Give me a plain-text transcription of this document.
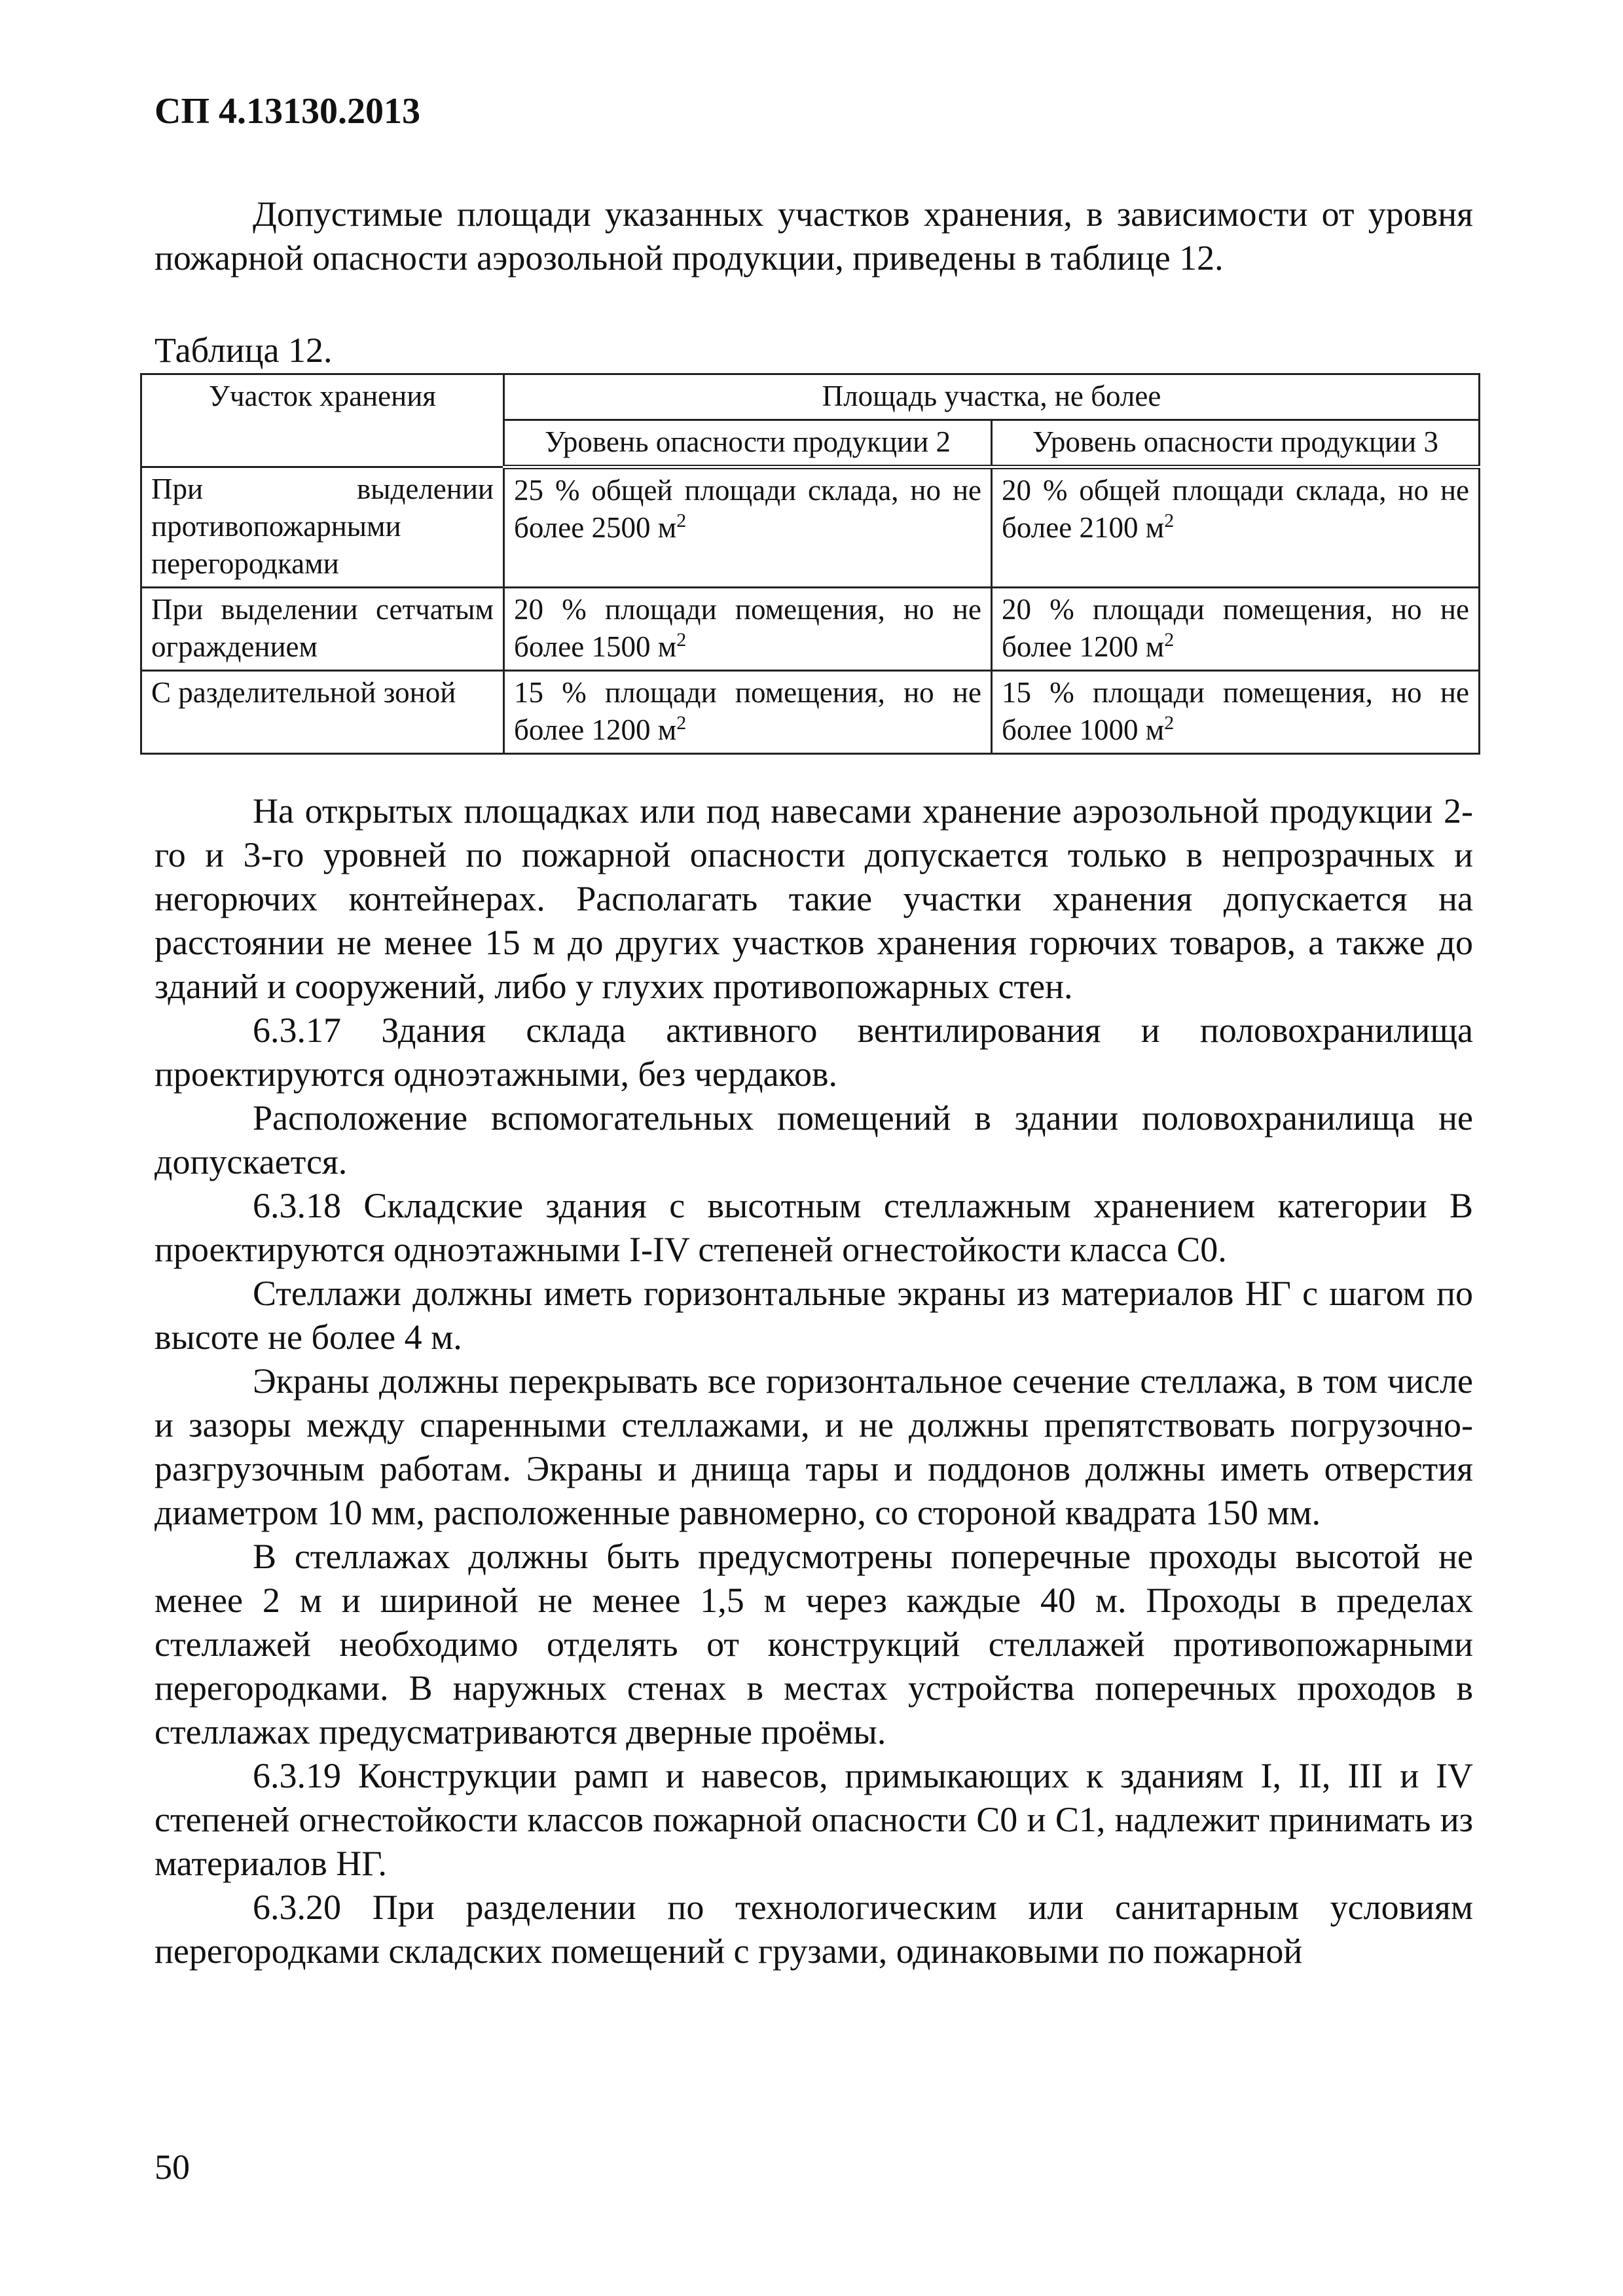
СП 4.13130.2013

Допустимые площади указанных участков хранения, в зависимости от уровня пожарной опасности аэрозольной продукции, приведены в таблице 12.

Таблица 12.
Участок хранения	Площадь участка, не более	
	Уровень опасности продукции 2	Уровень опасности продукции 3
При выделении противопожарными перегородками	25 % общей площади склада, но не более 2500 $м^2$	20 % общей площади склада, но не более 2100 $м^2$
При выделении сетчатым ограждением	20 % площади помещения, но не более 1500 $м^2$	20 % площади помещения, но не более 1200 $м^2$
С разделительной зоной	15 % площади помещения, но не более 1200 $м^2$	15 % площади помещения, но не более 1000 $м^2$

На открытых площадках или под навесами хранение аэрозольной продукции 2-го и 3-го уровней по пожарной опасности допускается только в непрозрачных и негорючих контейнерах. Располагать такие участки хранения допускается на расстоянии не менее 15 м до других участков хранения горючих товаров, а также до зданий и сооружений, либо у глухих противопожарных стен.

6.3.17 Здания склада активного вентилирования и половохранилища проектируются одноэтажными, без чердаков.

Расположение вспомогательных помещений в здании половохранилища не допускается.

6.3.18 Складские здания с высотным стеллажным хранением категории В проектируются одноэтажными I-IV степеней огнестойкости класса С0.

Стеллажи должны иметь горизонтальные экраны из материалов НГ с шагом по высоте не более 4 м.

Экраны должны перекрывать все горизонтальное сечение стеллажа, в том числе и зазоры между спаренными стеллажами, и не должны препятствовать погрузочно-разгрузочным работам. Экраны и днища тары и поддонов должны иметь отверстия диаметром 10 мм, расположенные равномерно, со стороной квадрата 150 мм.

В стеллажах должны быть предусмотрены поперечные проходы высотой не менее 2 м и шириной не менее 1,5 м через каждые 40 м. Проходы в пределах стеллажей необходимо отделять от конструкций стеллажей противопожарными перегородками. В наружных стенах в местах устройства поперечных проходов в стеллажах предусматриваются дверные проёмы.

6.3.19 Конструкции рамп и навесов, примыкающих к зданиям I, II, III и IV степеней огнестойкости классов пожарной опасности С0 и С1, надлежит принимать из материалов НГ.

6.3.20 При разделении по технологическим или санитарным условиям перегородками складских помещений с грузами, одинаковыми по пожарной

50
